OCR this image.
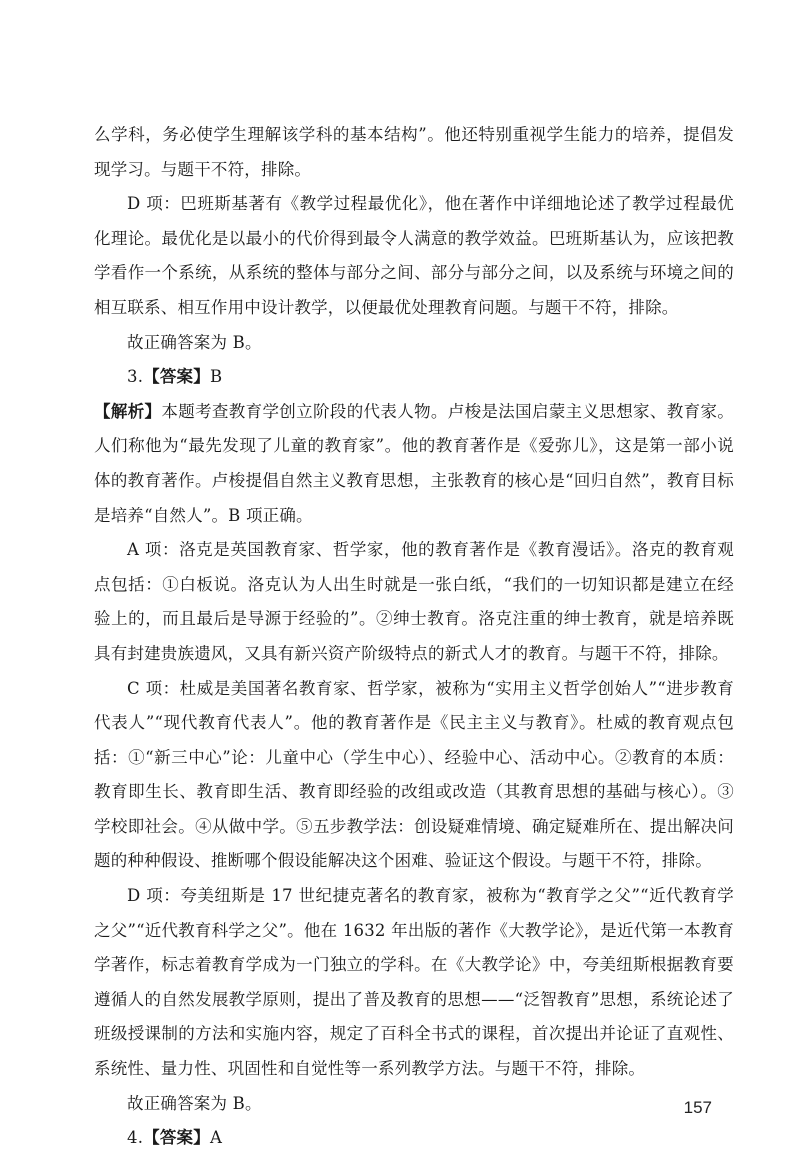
么学科，务必使学生理解该学科的基本结构”。他还特别重视学生能力的培养，提倡发现学习。与题干不符，排除。

D 项：巴班斯基著有《教学过程最优化》，他在著作中详细地论述了教学过程最优化理论。最优化是以最小的代价得到最令人满意的教学效益。巴班斯基认为，应该把教学看作一个系统，从系统的整体与部分之间、部分与部分之间，以及系统与环境之间的相互联系、相互作用中设计教学，以便最优处理教育问题。与题干不符，排除。

故正确答案为 B。

3.【答案】B

【解析】本题考查教育学创立阶段的代表人物。卢梭是法国启蒙主义思想家、教育家。人们称他为“最先发现了儿童的教育家”。他的教育著作是《爱弥儿》，这是第一部小说体的教育著作。卢梭提倡自然主义教育思想，主张教育的核心是“回归自然”，教育目标是培养“自然人”。B 项正确。

A 项：洛克是英国教育家、哲学家，他的教育著作是《教育漫话》。洛克的教育观点包括：①白板说。洛克认为人出生时就是一张白纸，“我们的一切知识都是建立在经验上的，而且最后是导源于经验的”。②绅士教育。洛克注重的绅士教育，就是培养既具有封建贵族遗风，又具有新兴资产阶级特点的新式人才的教育。与题干不符，排除。

C 项：杜威是美国著名教育家、哲学家，被称为“实用主义哲学创始人”“进步教育代表人”“现代教育代表人”。他的教育著作是《民主主义与教育》。杜威的教育观点包括：①“新三中心”论：儿童中心（学生中心）、经验中心、活动中心。②教育的本质：教育即生长、教育即生活、教育即经验的改组或改造（其教育思想的基础与核心）。③学校即社会。④从做中学。⑤五步教学法：创设疑难情境、确定疑难所在、提出解决问题的种种假设、推断哪个假设能解决这个困难、验证这个假设。与题干不符，排除。

D 项：夸美纽斯是 17 世纪捷克著名的教育家，被称为“教育学之父”“近代教育学之父”“近代教育科学之父”。他在 1632 年出版的著作《大教学论》，是近代第一本教育学著作，标志着教育学成为一门独立的学科。在《大教学论》中，夸美纽斯根据教育要遵循人的自然发展教学原则，提出了普及教育的思想——“泛智教育”思想，系统论述了班级授课制的方法和实施内容，规定了百科全书式的课程，首次提出并论证了直观性、系统性、量力性、巩固性和自觉性等一系列教学方法。与题干不符，排除。

故正确答案为 B。

4.【答案】A

157
